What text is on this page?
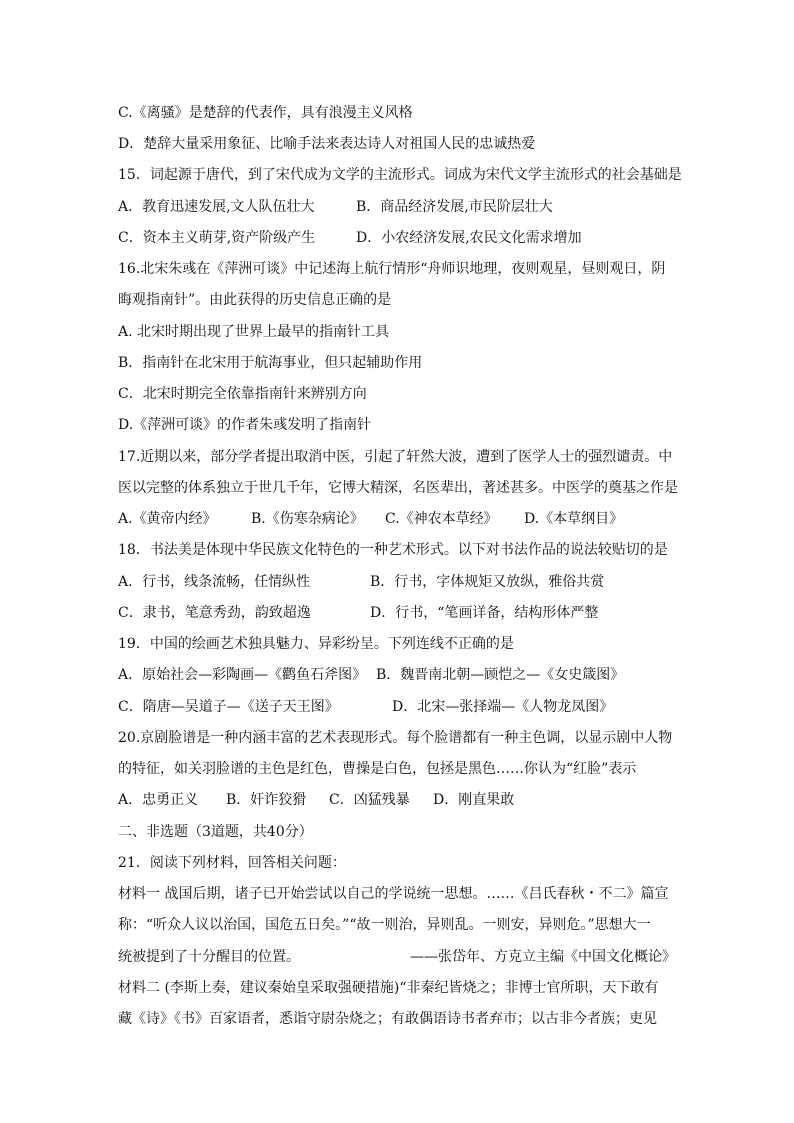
C.《离骚》是楚辞的代表作，具有浪漫主义风格
D．楚辞大量采用象征、比喻手法来表达诗人对祖国人民的忠诚热爱
15．词起源于唐代，到了宋代成为文学的主流形式。词成为宋代文学主流形式的社会基础是
A．教育迅速发展,文人队伍壮大	B．商品经济发展,市民阶层壮大
C．资本主义萌芽,资产阶级产生	D．小农经济发展,农民文化需求增加
16.北宋朱彧在《萍洲可谈》中记述海上航行情形“舟师识地理，夜则观星，昼则观日，阴
晦观指南针”。由此获得的历史信息正确的是
A. 北宋时期出现了世界上最早的指南针工具
B．指南针在北宋用于航海事业，但只起辅助作用
C．北宋时期完全依靠指南针来辨别方向
D.《萍洲可谈》的作者朱彧发明了指南针
17.近期以来，部分学者提出取消中医，引起了轩然大波，遭到了医学人士的强烈谴责。中
医以完整的体系独立于世几千年，它博大精深，名医辈出，著述甚多。中医学的奠基之作是
A.《黄帝内经》 B.《伤寒杂病论》 C.《神农本草经》 D.《本草纲目》
18．书法美是体现中华民族文化特色的一种艺术形式。以下对书法作品的说法较贴切的是
A．行书，线条流畅，任情纵性	B．行书，字体规矩又放纵，雅俗共赏
C．隶书，笔意秀劲，韵致超逸	D．行书，“笔画详备，结构形体严整
19．中国的绘画艺术独具魅力、异彩纷呈。下列连线不正确的是
A．原始社会—彩陶画—《鹳鱼石斧图》 B．魏晋南北朝—顾恺之—《女史箴图》
C．隋唐—吴道子—《送子天王图》	D．北宋—张择端—《人物龙凤图》
20.京剧脸谱是一种内涵丰富的艺术表现形式。每个脸谱都有一种主色调，以显示剧中人物
的特征，如关羽脸谱的主色是红色，曹操是白色，包拯是黑色……你认为“红脸”表示
A．忠勇正义 B．奸诈狡猾 C．凶猛残暴 D．刚直果敢
二、非选题（3道题，共40分）
21．阅读下列材料，回答相关问题：
材料一 战国后期，诸子已开始尝试以自己的学说统一思想。……《吕氏春秋・不二》篇宣
称：“听众人议以治国，国危五日矣。”“故一则治，异则乱。一则安，异则危。”思想大一
统被提到了十分醒目的位置。	——张岱年、方克立主编《中国文化概论》
材料二 (李斯上奏，建议秦始皇采取强硬措施)“非秦纪皆烧之；非博士官所职，天下敢有
藏《诗》《书》百家语者，悉诣守尉杂烧之；有敢偶语诗书者弃市；以古非今者族；吏见
